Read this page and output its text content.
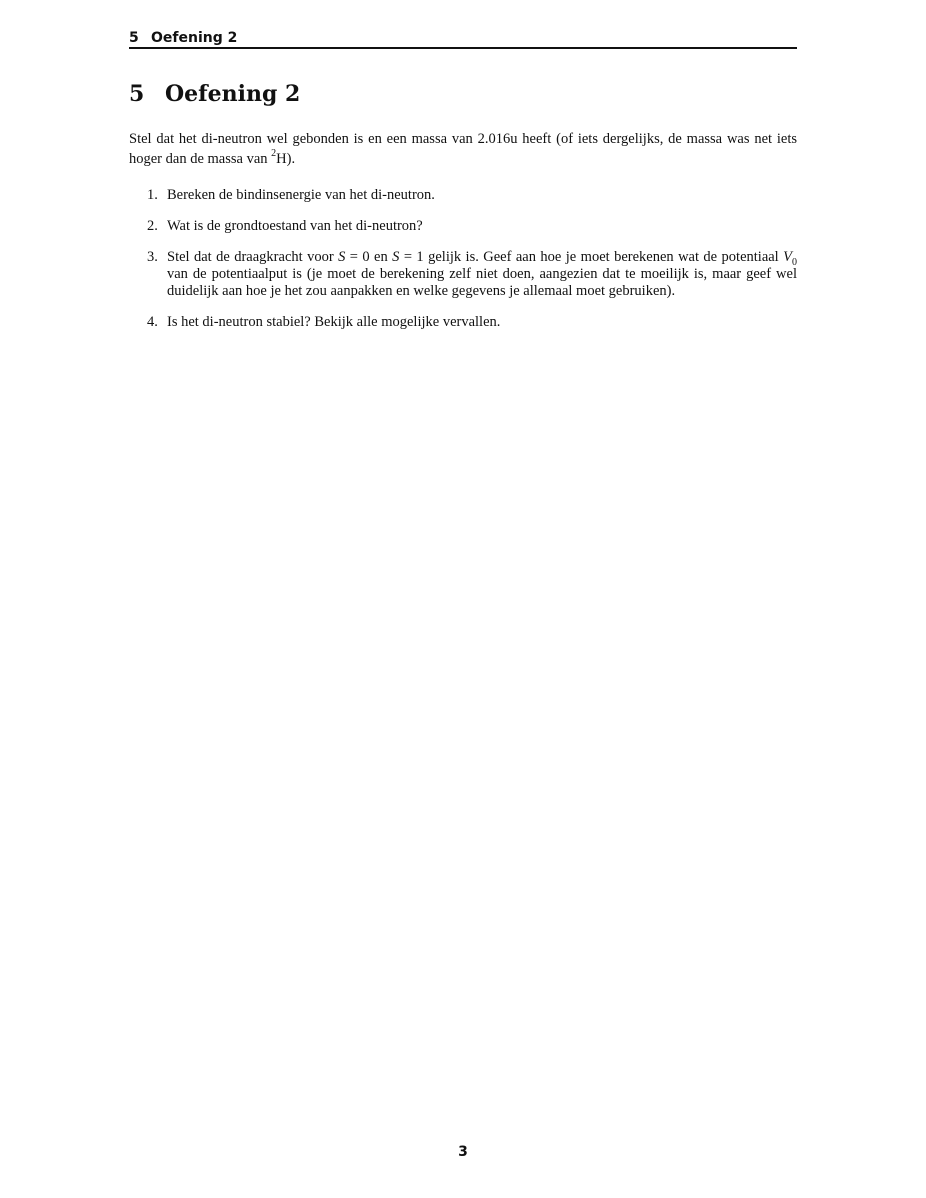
5 Oefening 2
5 Oefening 2

Stel dat het di-neutron wel gebonden is en een massa van 2.016u heeft (of iets dergelijks, de massa was net iets hoger dan de massa van $^2$H).

1. Bereken de bindinsenergie van het di-neutron.
2. Wat is de grondtoestand van het di-neutron?
3. Stel dat de draagkracht voor S = 0 en S = 1 gelijk is. Geef aan hoe je moet berekenen wat de potentiaal $V_0$ van de potentiaalput is (je moet de berekening zelf niet doen, aangezien dat te moeilijk is, maar geef wel duidelijk aan hoe je het zou aanpakken en welke gegevens je allemaal moet gebruiken).
4. Is het di-neutron stabiel? Bekijk alle mogelijke vervallen.
3
